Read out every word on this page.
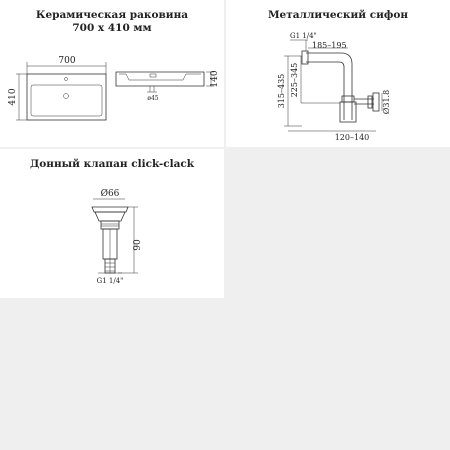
Керамическая раковина
700 х 410 мм
700
410	ø45
140
Металлический сифон
G1 1/4"
185–195
315–435 225–345
Ø31.8
120–140
Донный клапан click-clack
Ø66
90
G1 1/4"
